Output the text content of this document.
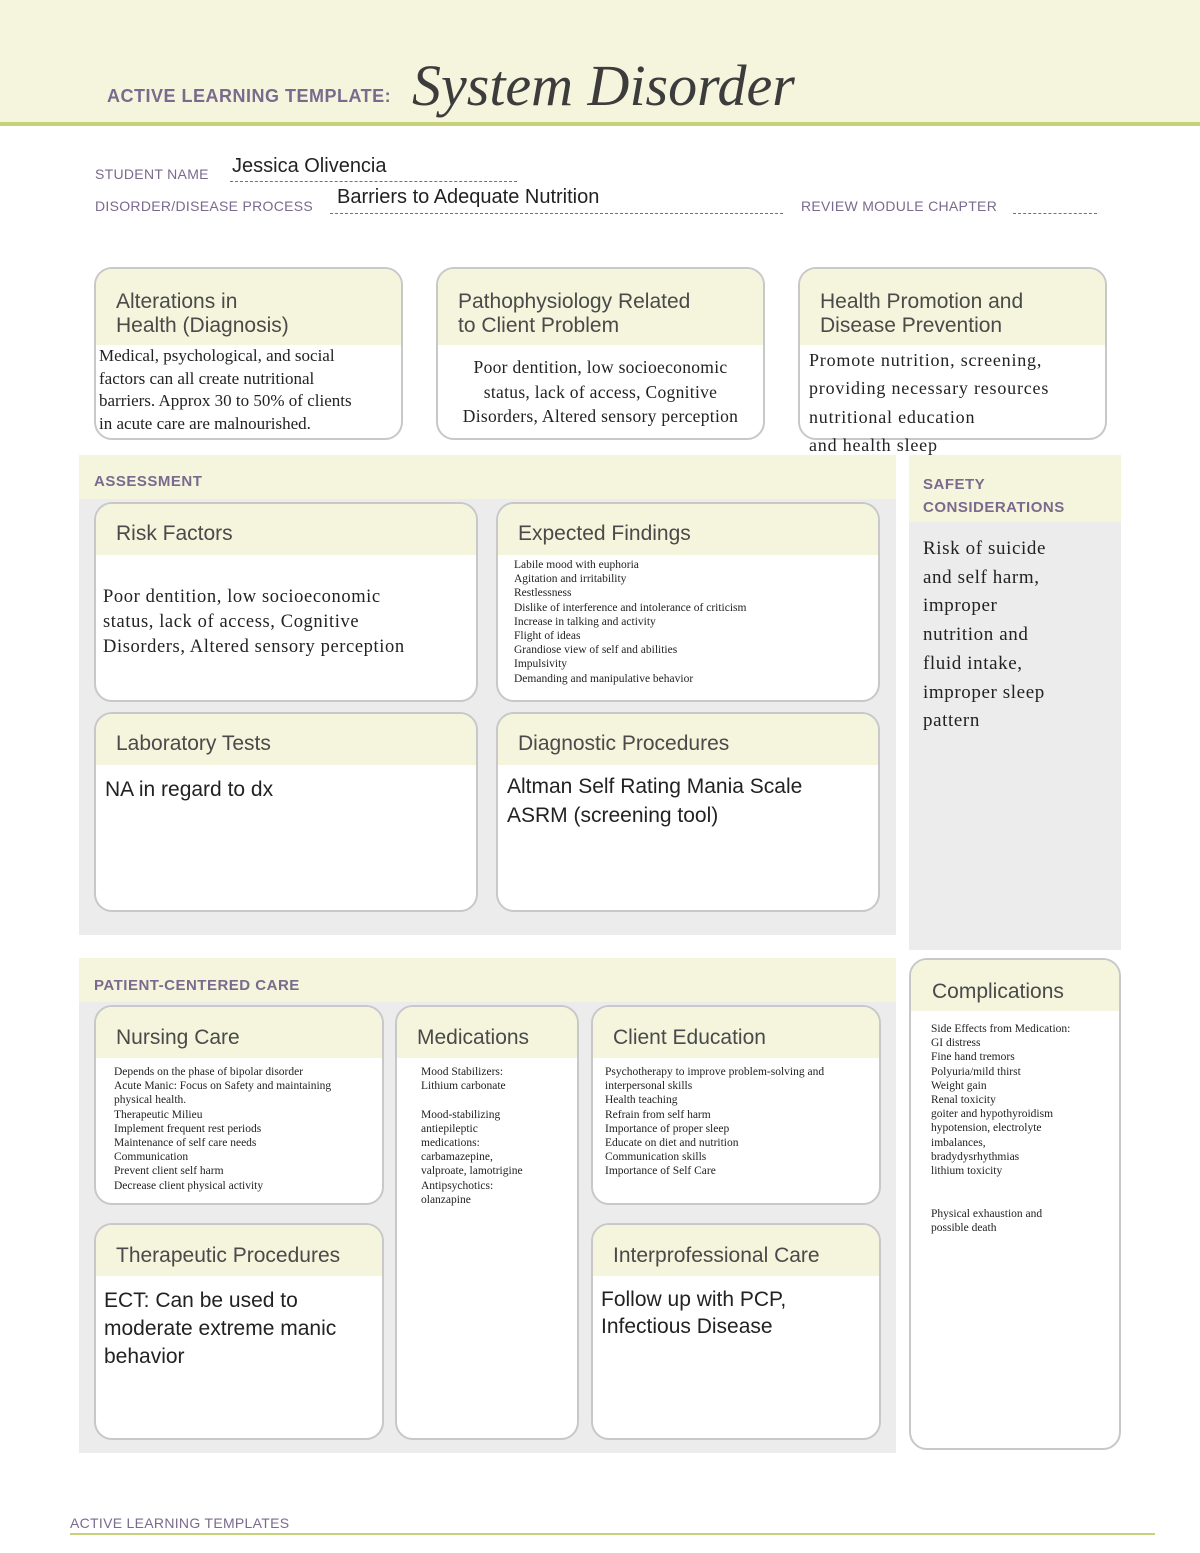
ACTIVE LEARNING TEMPLATE: System Disorder
STUDENT NAME Jessica Olivencia
DISORDER/DISEASE PROCESS Barriers to Adequate Nutrition	REVIEW MODULE CHAPTER
Alterations in
Health (Diagnosis)
Medical, psychological, and social
factors can all create nutritional
barriers. Approx 30 to 50% of clients
in acute care are malnourished.
Pathophysiology Related
to Client Problem
Poor dentition, low socioeconomic
status, lack of access, Cognitive
Disorders, Altered sensory perception
Health Promotion and
Disease Prevention
Promote nutrition, screening,
providing necessary resources
nutritional education
and health sleep
ASSESSMENT
Risk Factors
Poor dentition, low socioeconomic
status, lack of access, Cognitive
Disorders, Altered sensory perception
Expected Findings
Labile mood with euphoria
Agitation and irritability
Restlessness
Dislike of interference and intolerance of criticism
Increase in talking and activity
Flight of ideas
Grandiose view of self and abilities
Impulsivity
Demanding and manipulative behavior
Laboratory Tests
NA in regard to dx
Diagnostic Procedures
Altman Self Rating Mania Scale
ASRM (screening tool)
SAFETY
CONSIDERATIONS
Risk of suicide
and self harm,
improper
nutrition and
fluid intake,
improper sleep
pattern
PATIENT-CENTERED CARE
Nursing Care
Depends on the phase of bipolar disorder
Acute Manic: Focus on Safety and maintaining
physical health.
Therapeutic Milieu
Implement frequent rest periods
Maintenance of self care needs
Communication
Prevent client self harm
Decrease client physical activity
Medications
Mood Stabilizers:
Lithium carbonate
Mood-stabilizing
antiepileptic
medications:
carbamazepine,
valproate, lamotrigine
Antipsychotics:
olanzapine
Client Education
Psychotherapy to improve problem-solving and
interpersonal skills
Health teaching
Refrain from self harm
Importance of proper sleep
Educate on diet and nutrition
Communication skills
Importance of Self Care
Therapeutic Procedures
ECT: Can be used to
moderate extreme manic
behavior
Interprofessional Care
Follow up with PCP,
Infectious Disease
Complications
Side Effects from Medication:
GI distress
Fine hand tremors
Polyuria/mild thirst
Weight gain
Renal toxicity
goiter and hypothyroidism
hypotension, electrolyte
imbalances,
bradydysrhythmias
lithium toxicity
Physical exhaustion and
possible death
ACTIVE LEARNING TEMPLATES
